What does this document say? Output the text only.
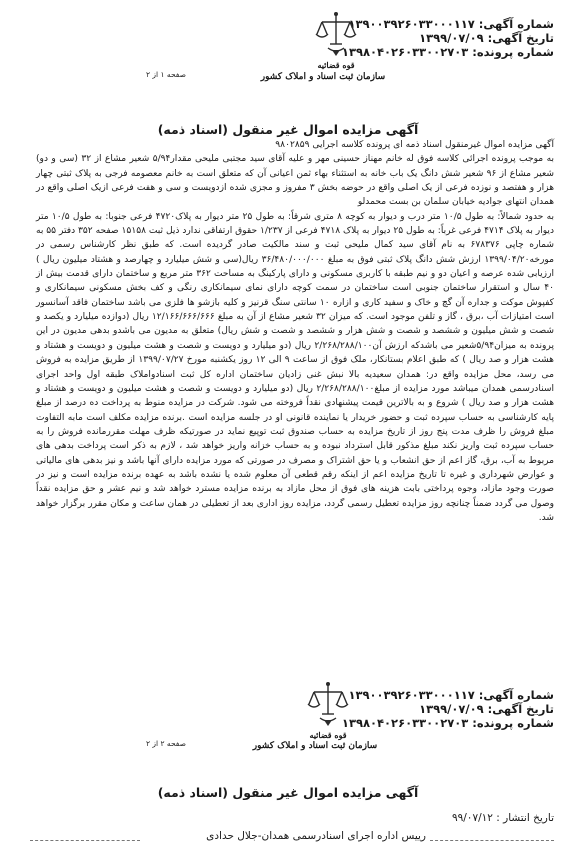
شماره آگهی: ۱۳۹۰۰۳۹۲۶۰۳۳۰۰۰۱۱۷
تاریخ آگهی: ۱۳۹۹/۰۷/۰۹
شماره پرونده: ۱۳۹۸۰۴۰۲۶۰۳۳۰۰۲۷۰۳
قوه قضائیه
سازمان ثبت اسناد و املاک کشور
صفحه ۱ از ۲
آگهی مزایده اموال غیر منقول (اسناد ذمه)

آگهی مزایده اموال غیرمنقول اسناد ذمه ای پرونده کلاسه اجرایی ۹۸۰۲۸۵۹

به موجب پرونده اجرائی کلاسه فوق له خانم مهناز حسینی مهر و علیه آقای سید مجتبی ملیحی مقدار۵/۹۴ شعیر مشاع از ۳۲ (سی و دو) شعیر مشاع از ۹۶ شعیر شش دانگ یک باب خانه به استثناء بهاء ثمن اعیانی آن که متعلق است به خانم معصومه فرجی به پلاک ثبتی چهار هزار و هفتصد و نوزده فرعی از یک اصلی واقع در حوضه بخش ۳ مفروز و مجزی شده ازدویست و سی و هفت فرعی ازیک اصلی واقع در همدان انتهای جوادیه خیابان سلمان بن بست محمدلو

به حدود شمالاً: به طول ۱۰/۵ متر درب و دیوار به کوچه ۸ متری شرقاً: به طول ۲۵ متر دیوار به پلاک۴۷۲۰ فرعی جنوبا: به طول ۱۰/۵ متر دیوار به پلاک ۴۷۱۴ فرعی غرباً: به طول ۲۵ دیوار به پلاک ۴۷۱۸ فرعی از ۱/۲۳۷ حقوق ارتفاقی ندارد ذیل ثبت ۱۵۱۵۸ صفحه ۳۵۲ دفتر ۵۵ به شماره چاپی ۶۷۸۳۷۶ به نام آقای سید کمال ملیحی ثبت و سند مالکیت صادر گردیده است. که طبق نظر کارشناس رسمی در مورخه۱۳۹۹/۰۴/۲۰ ارزش شش دانگ پلاک ثبتی فوق به مبلغ ۳۶/۴۸۰/۰۰۰/۰۰۰ ریال(سی و شش میلیارد و چهارصد و هشتاد میلیون ریال ) ارزیابی شده عرصه و اعیان دو و نیم طبقه با کاربری مسکونی و دارای پارکینگ به مساحت ۳۶۲ متر مربع و ساختمان دارای قدمت بیش از ۴۰ سال و استقرار ساختمان جنوبی است ساختمان در سمت کوچه دارای نمای سیمانکاری رنگی و کف بخش مسکونی سیمانکاری و کفپوش موکت و جداره آن گچ و خاک و سفید کاری و ازاره ۱۰ سانتی سنگ قرنیز و کلیه بازشو ها فلزی می باشد ساختمان فاقد آسانسور است امتیازات آب ،برق ، گاز و تلفن موجود است. که میزان ۳۲ شعیر مشاع از آن به مبلغ ۱۲/۱۶۶/۶۶۶/۶۶۶ ریال (دوازده میلیارد و یکصد و شصت و شش میلیون و ششصد و شصت و شش هزار و ششصد و شصت و شش ریال) متعلق به مدیون می باشدو بدهی مدیون در این پرونده به میزان۵/۹۴شعیر می باشدکه ارزش آن۲/۲۶۸/۲۸۸/۱۰۰ ریال (دو میلیارد و دویست و شصت و هشت میلیون و دویست و هشتاد و هشت هزار و صد ریال ) که طبق اعلام بستانکار، ملک فوق از ساعت ۹ الی ۱۲ روز یکشنبه مورخ ۱۳۹۹/۰۷/۲۷ از طریق مزایده به فروش می رسد، محل مزایده واقع در: همدان سعیدیه بالا نبش غنی زادیان ساختمان اداره کل ثبت اسنادواملاک طبقه اول واحد اجرای اسنادرسمی همدان میباشد مورد مزایده از مبلغ۲/۲۶۸/۲۸۸/۱۰۰ ریال (دو میلیارد و دویست و شصت و هشت میلیون و دویست و هشتاد و هشت هزار و صد ریال ) شروع و به بالاترین قیمت پیشنهادی نقداً فروخته می شود. شرکت در مزایده منوط به پرداخت ده درصد از مبلغ پایه کارشناسی به حساب سپرده ثبت و حضور خریدار یا نماینده قانونی او در جلسه مزایده است .برنده مزایده مکلف است مابه التفاوت مبلغ فروش را ظرف مدت پنج روز از تاریخ مزایده به حساب صندوق ثبت توپیع نماید در صورتیکه ظرف مهلت مقررمانده فروش را به حساب سپرده ثبت واریز نکند مبلغ مذکور قابل استرداد نبوده و به حساب خزانه واریز خواهد شد ، لازم به ذکر است پرداخت بدهی های مربوط به آب، برق، گاز اعم از حق انشعاب و یا حق اشتراک و مصرف در صورتی که مورد مزایده دارای آنها باشد و نیز بدهی های مالیاتی و عوارض شهرداری و غیره تا تاریخ مزایده اعم از اینکه رقم قطعی آن معلوم شده یا نشده باشد به عهده برنده مزایده است و نیز در صورت وجود مازاد، وجوه پرداختی بابت هزینه های فوق از محل مازاد به برنده مزایده مسترد خواهد شد و نیم عشر و حق مزایده نقداً وصول می گردد ضمناً چنانچه روز مزایده تعطیل رسمی گردد، مزایده روز اداری بعد از تعطیلی در همان ساعت و مکان مقرر برگزار خواهد شد.

شماره آگهی: ۱۳۹۰۰۳۹۲۶۰۳۳۰۰۰۱۱۷
تاریخ آگهی: ۱۳۹۹/۰۷/۰۹
شماره پرونده: ۱۳۹۸۰۴۰۲۶۰۳۳۰۰۲۷۰۳
قوه قضائیه
سازمان ثبت اسناد و املاک کشور
صفحه ۲ از ۲
آگهی مزایده اموال غیر منقول (اسناد ذمه)
تاریخ انتشار : ۹۹/۰۷/۱۲
رییس اداره اجرای اسنادرسمی همدان-جلال حدادی
